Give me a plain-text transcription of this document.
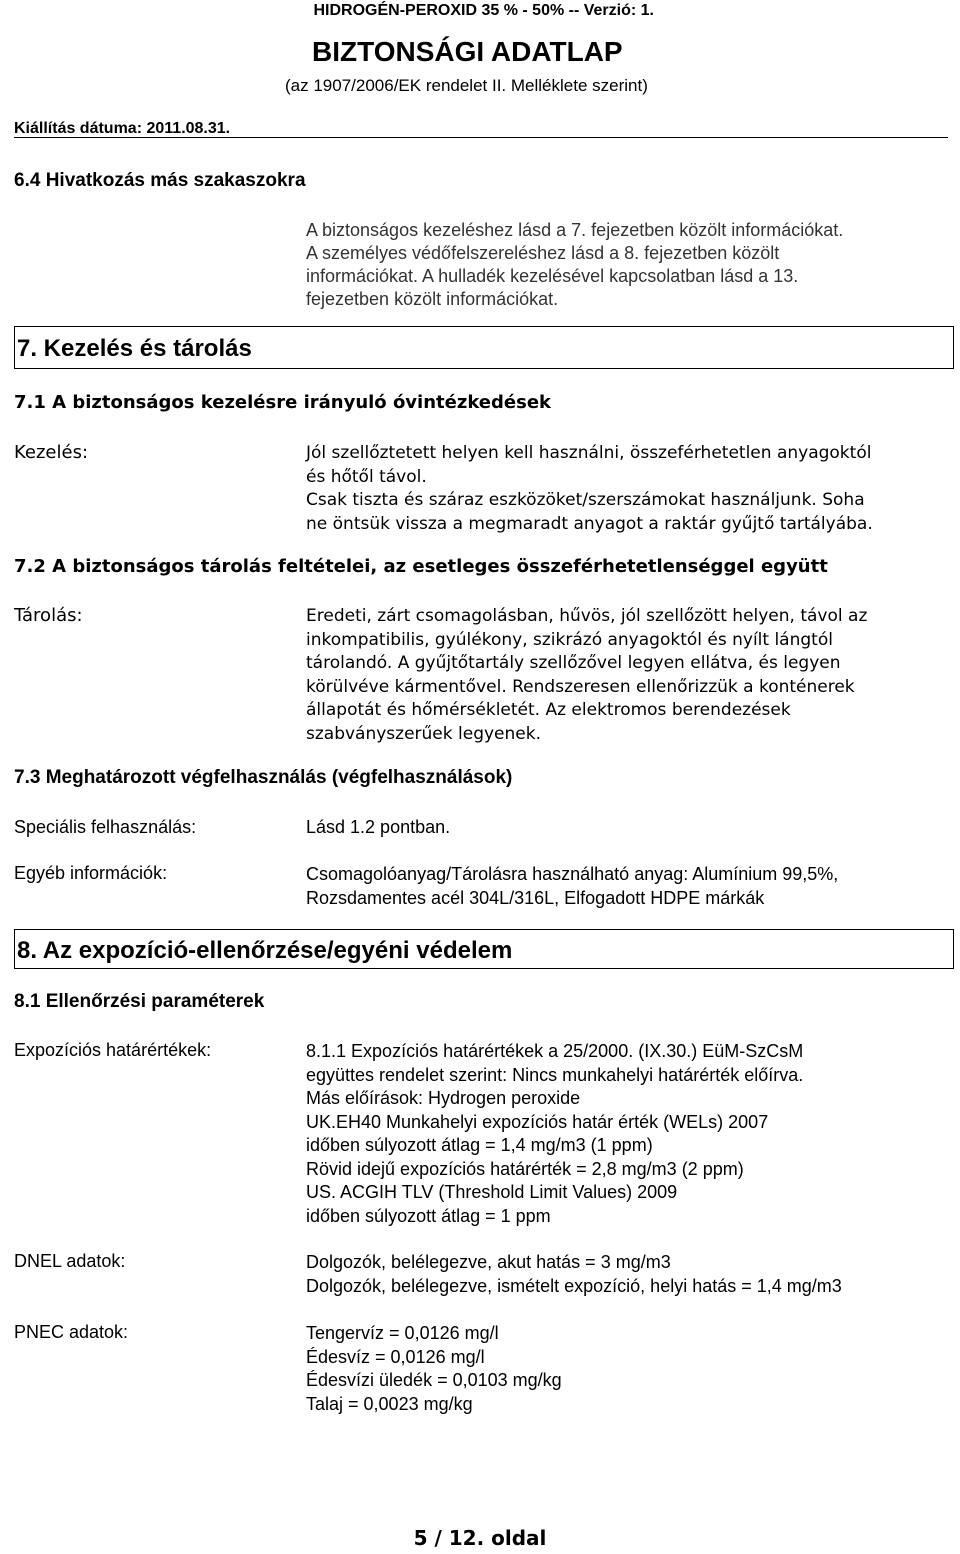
HIDROGÉN-PEROXID 35 % - 50% -- Verzió: 1.
BIZTONSÁGI ADATLAP
(az 1907/2006/EK rendelet II. Melléklete szerint)
Kiállítás dátuma: 2011.08.31.
6.4 Hivatkozás más szakaszokra
A biztonságos kezeléshez lásd a 7. fejezetben közölt információkat.
A személyes védőfelszereléshez lásd a 8. fejezetben közölt
információkat. A hulladék kezelésével kapcsolatban lásd a 13.
fejezetben közölt információkat.
7. Kezelés és tárolás
7.1 A biztonságos kezelésre irányuló óvintézkedések
Kezelés:	Jól szellőztetett helyen kell használni, összeférhetetlen anyagoktól
és hőtől távol.
Csak tiszta és száraz eszközöket/szerszámokat használjunk. Soha
ne öntsük vissza a megmaradt anyagot a raktár gyűjtő tartályába.
7.2 A biztonságos tárolás feltételei, az esetleges összeférhetetlenséggel együtt
Tárolás:	Eredeti, zárt csomagolásban, hűvös, jól szellőzött helyen, távol az
inkompatibilis, gyúlékony, szikrázó anyagoktól és nyílt lángtól
tárolandó. A gyűjtőtartály szellőzővel legyen ellátva, és legyen
körülvéve kármentővel. Rendszeresen ellenőrizzük a konténerek
állapotát és hőmérsékletét. Az elektromos berendezések
szabványszerűek legyenek.
7.3 Meghatározott végfelhasználás (végfelhasználások)
Speciális felhasználás:	Lásd 1.2 pontban.
Egyéb információk:	Csomagolóanyag/Tárolásra használható anyag: Alumínium 99,5%,
Rozsdamentes acél 304L/316L, Elfogadott HDPE márkák
8. Az expozíció-ellenőrzése/egyéni védelem
8.1 Ellenőrzési paraméterek
Expozíciós határértékek:	8.1.1 Expozíciós határértékek a 25/2000. (IX.30.) EüM-SzCsM
együttes rendelet szerint: Nincs munkahelyi határérték előírva.
Más előírások: Hydrogen peroxide
UK.EH40 Munkahelyi expozíciós határ érték (WELs) 2007
időben súlyozott átlag = 1,4 mg/m3 (1 ppm)
Rövid idejű expozíciós határérték = 2,8 mg/m3 (2 ppm)
US. ACGIH TLV (Threshold Limit Values) 2009
időben súlyozott átlag = 1 ppm
DNEL adatok:	Dolgozók, belélegezve, akut hatás = 3 mg/m3
Dolgozók, belélegezve, ismételt expozíció, helyi hatás = 1,4 mg/m3
PNEC adatok:	Tengervíz = 0,0126 mg/l
Édesvíz = 0,0126 mg/l
Édesvízi üledék = 0,0103 mg/kg
Talaj = 0,0023 mg/kg
5 / 12. oldal
